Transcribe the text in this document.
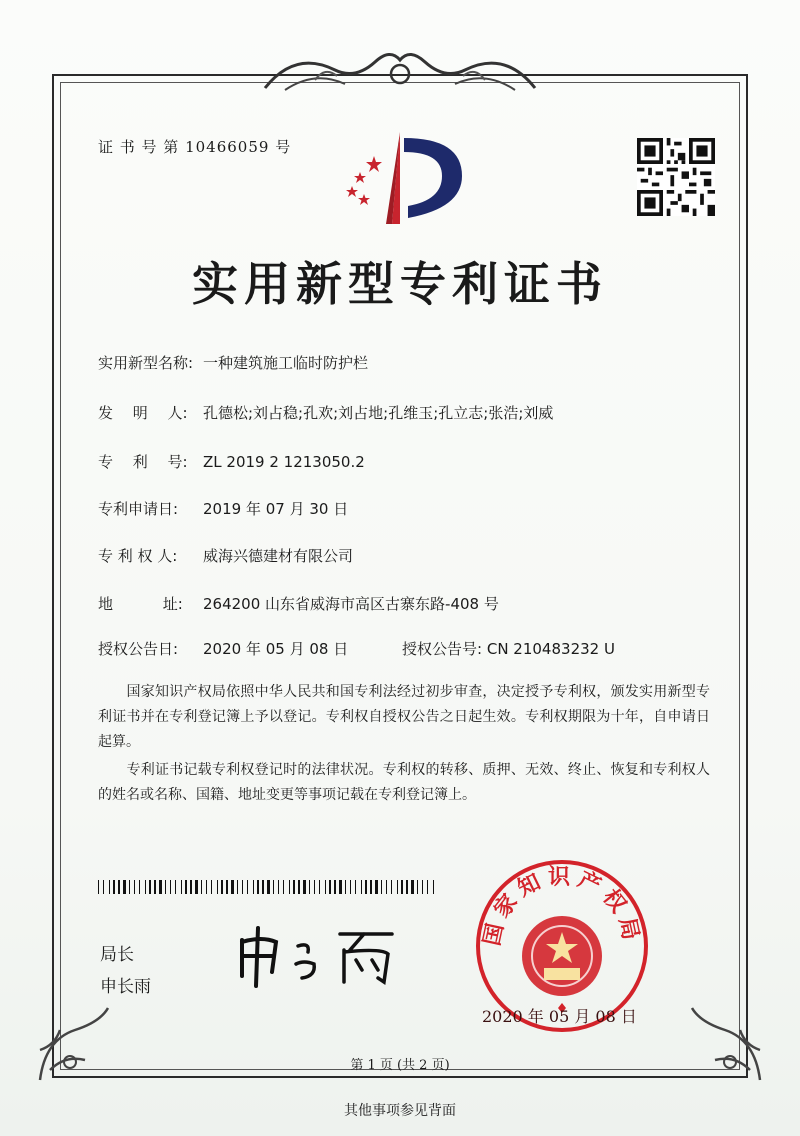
证 书 号 第 10466059 号
实用新型专利证书
实用新型名称: 一种建筑施工临时防护栏
发　 明　 人: 孔德松;刘占稳;孔欢;刘占地;孔维玉;孔立志;张浩;刘威
专　 利　 号: ZL 2019 2 1213050.2
专利申请日: 2019 年 07 月 30 日
专 利 权 人: 威海兴德建材有限公司
地　　　 址: 264200 山东省威海市高区古寨东路-408 号
授权公告日: 2020 年 05 月 08 日	授权公告号: CN 210483232 U
　　国家知识产权局依照中华人民共和国专利法经过初步审查，决定授予专利权，颁发实用新型专利证书并在专利登记簿上予以登记。专利权自授权公告之日起生效。专利权期限为十年，自申请日起算。
　　专利证书记载专利权登记时的法律状况。专利权的转移、质押、无效、终止、恢复和专利权人的姓名或名称、国籍、地址变更等事项记载在专利登记簿上。
局长
申长雨
国家知识产权局
2020 年 05 月 08 日
第 1 页 (共 2 页)
其他事项参见背面
